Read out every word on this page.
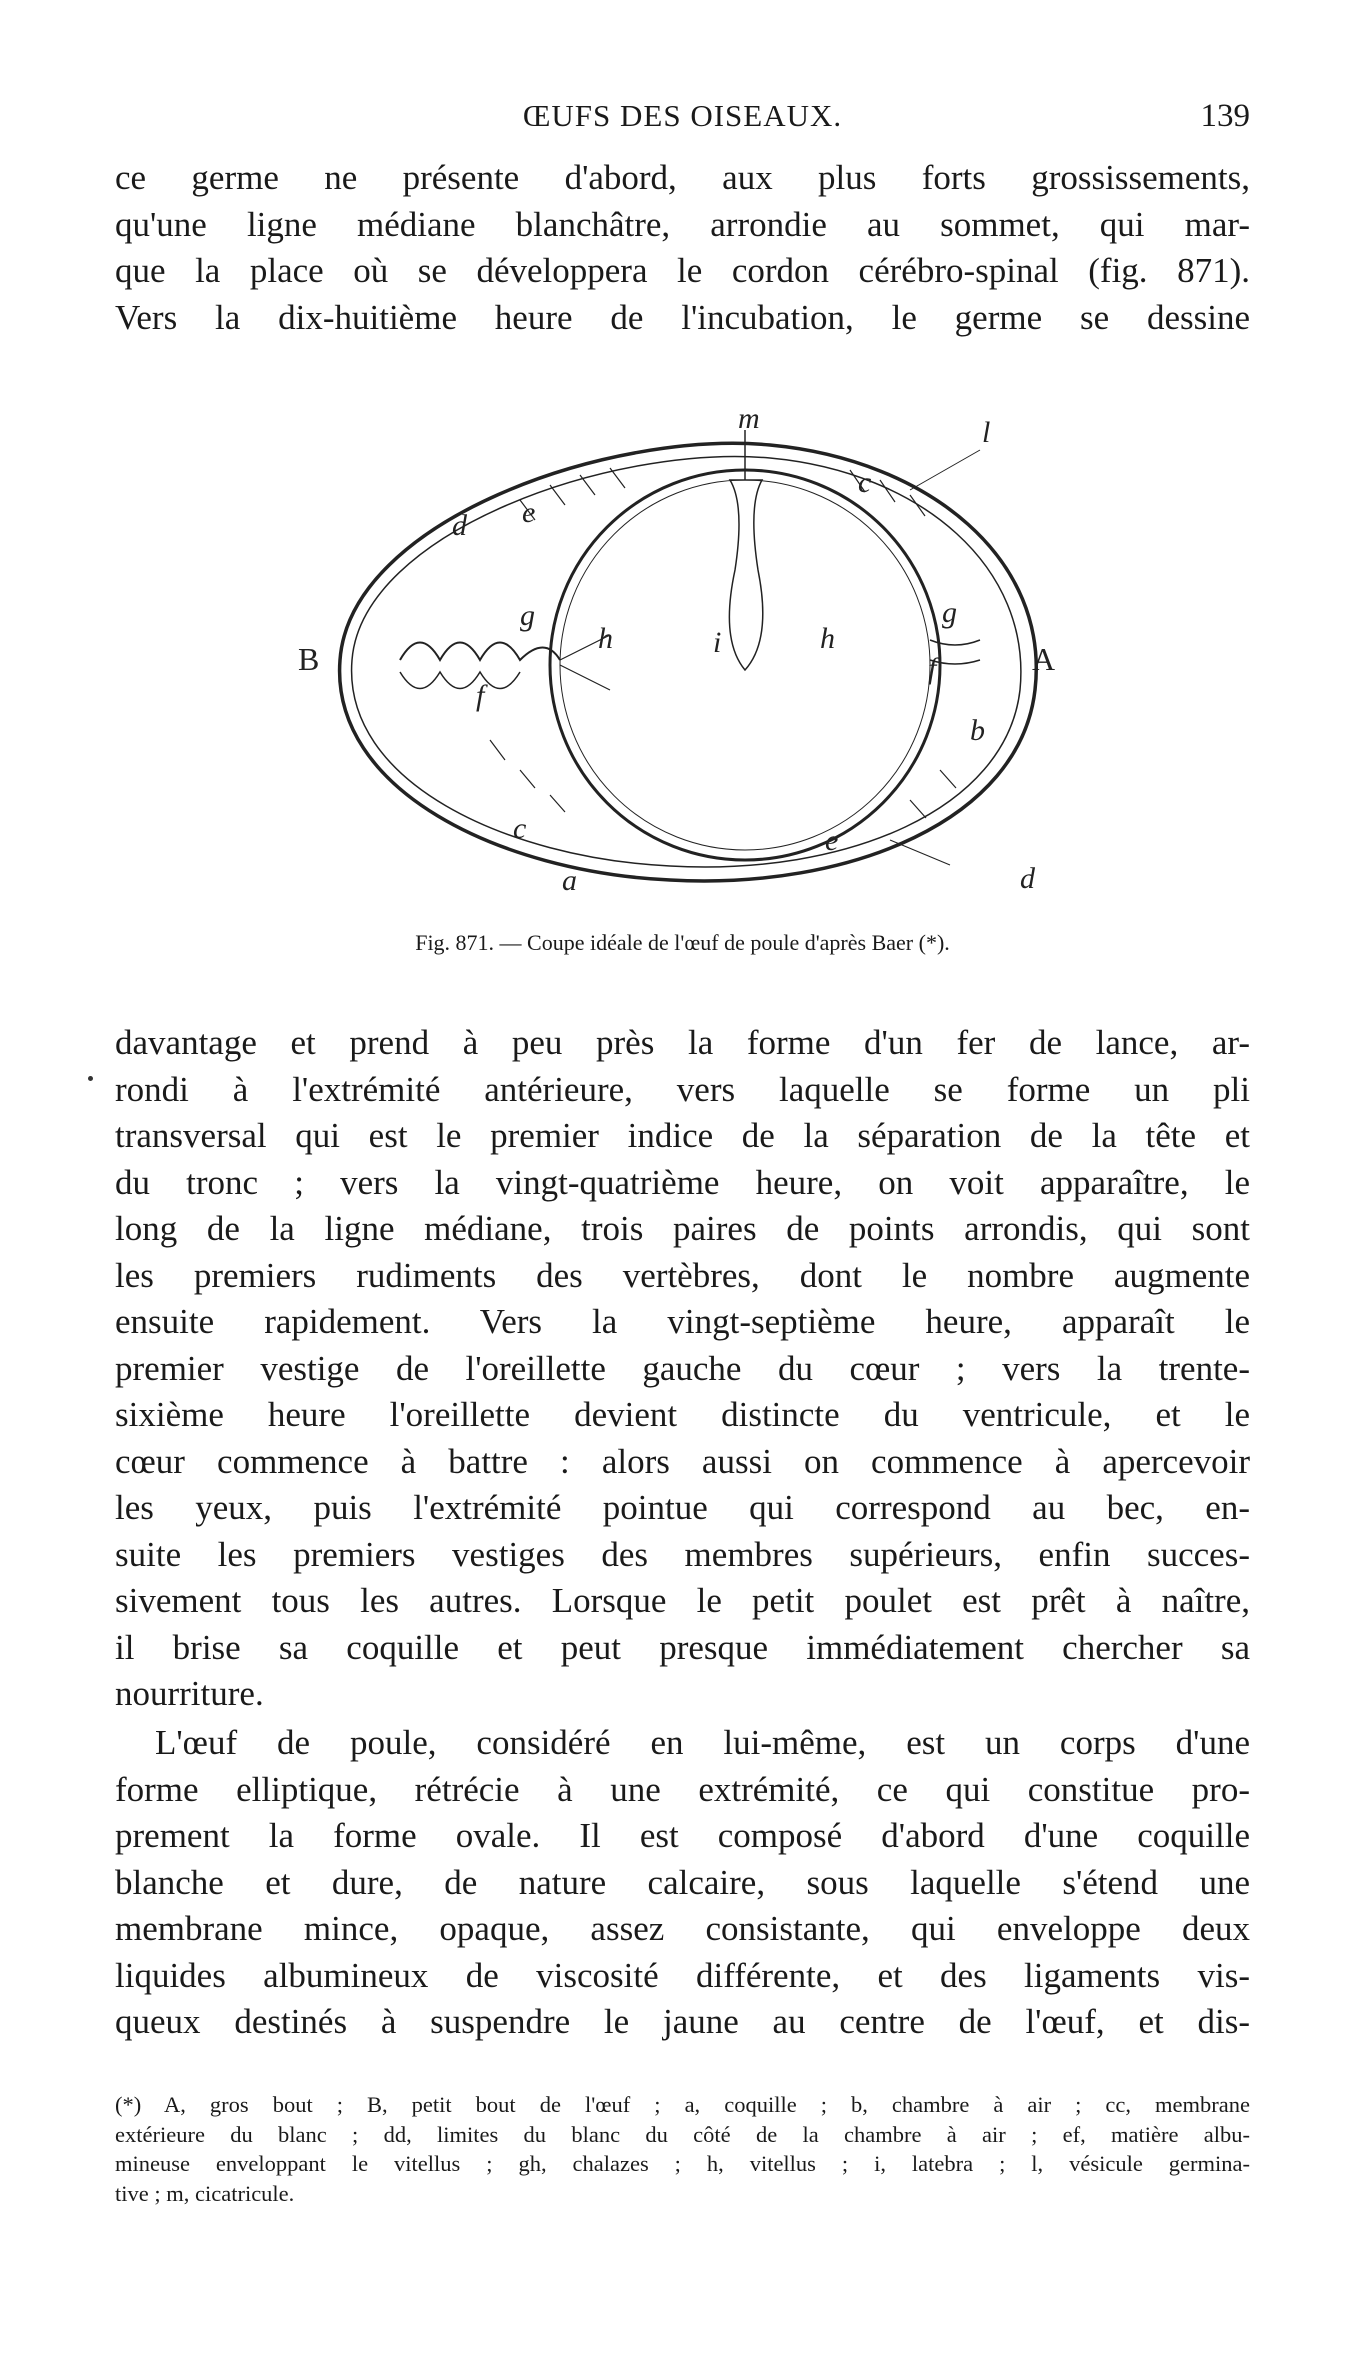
ŒUFS DES OISEAUX.	139
ce germe ne présente d'abord, aux plus forts grossissements,
qu'une ligne médiane blanchâtre, arrondie au sommet, qui mar-
que la place où se développera le cordon cérébro-spinal (fig. 871).
Vers la dix-huitième heure de l'incubation, le germe se dessine
m	l
d e
c
g	g
h	i	h
f
f
b
c	e
a	d
B	A
Fig. 871. — Coupe idéale de l'œuf de poule d'après Baer (*).
davantage et prend à peu près la forme d'un fer de lance, ar-
rondi à l'extrémité antérieure, vers laquelle se forme un pli
transversal qui est le premier indice de la séparation de la tête et
du tronc ; vers la vingt-quatrième heure, on voit apparaître, le
long de la ligne médiane, trois paires de points arrondis, qui sont
les premiers rudiments des vertèbres, dont le nombre augmente
ensuite rapidement. Vers la vingt-septième heure, apparaît le
premier vestige de l'oreillette gauche du cœur ; vers la trente-
sixième heure l'oreillette devient distincte du ventricule, et le
cœur commence à battre : alors aussi on commence à apercevoir
les yeux, puis l'extrémité pointue qui correspond au bec, en-
suite les premiers vestiges des membres supérieurs, enfin succes-
sivement tous les autres. Lorsque le petit poulet est prêt à naître,
il brise sa coquille et peut presque immédiatement chercher sa
nourriture.
L'œuf de poule, considéré en lui-même, est un corps d'une
forme elliptique, rétrécie à une extrémité, ce qui constitue pro-
prement la forme ovale. Il est composé d'abord d'une coquille
blanche et dure, de nature calcaire, sous laquelle s'étend une
membrane mince, opaque, assez consistante, qui enveloppe deux
liquides albumineux de viscosité différente, et des ligaments vis-
queux destinés à suspendre le jaune au centre de l'œuf, et dis-
(*) A, gros bout ; B, petit bout de l'œuf ; a, coquille ; b, chambre à air ; cc, membrane
extérieure du blanc ; dd, limites du blanc du côté de la chambre à air ; ef, matière albu-
mineuse enveloppant le vitellus ; gh, chalazes ; h, vitellus ; i, latebra ; l, vésicule germina-
tive ; m, cicatricule.
